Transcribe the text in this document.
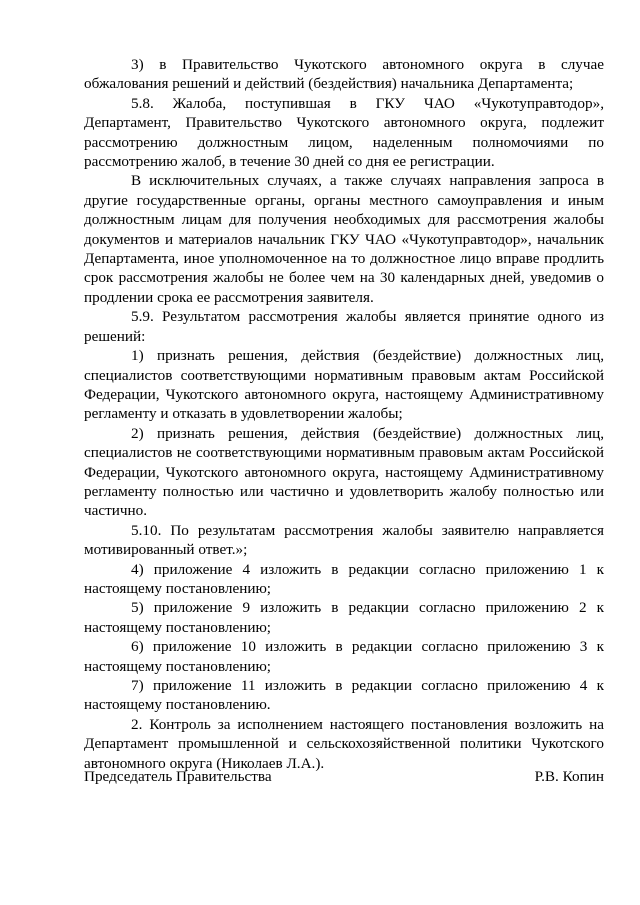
3) в Правительство Чукотского автономного округа в случае обжалования решений и действий (бездействия) начальника Департамента;

5.8. Жалоба, поступившая в ГКУ ЧАО «Чукотуправтодор», Департамент, Правительство Чукотского автономного округа, подлежит рассмотрению должностным лицом, наделенным полномочиями по рассмотрению жалоб, в течение 30 дней со дня ее регистрации.

В исключительных случаях, а также случаях направления запроса в другие государственные органы, органы местного самоуправления и иным должностным лицам для получения необходимых для рассмотрения жалобы документов и материалов начальник ГКУ ЧАО «Чукотуправтодор», начальник Департамента, иное уполномоченное на то должностное лицо вправе продлить срок рассмотрения жалобы не более чем на 30 календарных дней, уведомив о продлении срока ее рассмотрения заявителя.

5.9. Результатом рассмотрения жалобы является принятие одного из решений:

1) признать решения, действия (бездействие) должностных лиц, специалистов соответствующими нормативным правовым актам Российской Федерации, Чукотского автономного округа, настоящему Административному регламенту и отказать в удовлетворении жалобы;

2) признать решения, действия (бездействие) должностных лиц, специалистов не соответствующими нормативным правовым актам Российской Федерации, Чукотского автономного округа, настоящему Административному регламенту полностью или частично и удовлетворить жалобу полностью или частично.

5.10. По результатам рассмотрения жалобы заявителю направляется мотивированный ответ.»;

4) приложение 4 изложить в редакции согласно приложению 1 к настоящему постановлению;

5) приложение 9 изложить в редакции согласно приложению 2 к настоящему постановлению;

6) приложение 10 изложить в редакции согласно приложению 3 к настоящему постановлению;

7) приложение 11 изложить в редакции согласно приложению 4 к настоящему постановлению.

2. Контроль за исполнением настоящего постановления возложить на Департамент промышленной и сельскохозяйственной политики Чукотского автономного округа (Николаев Л.А.).

Председатель Правительства	Р.В. Копин
